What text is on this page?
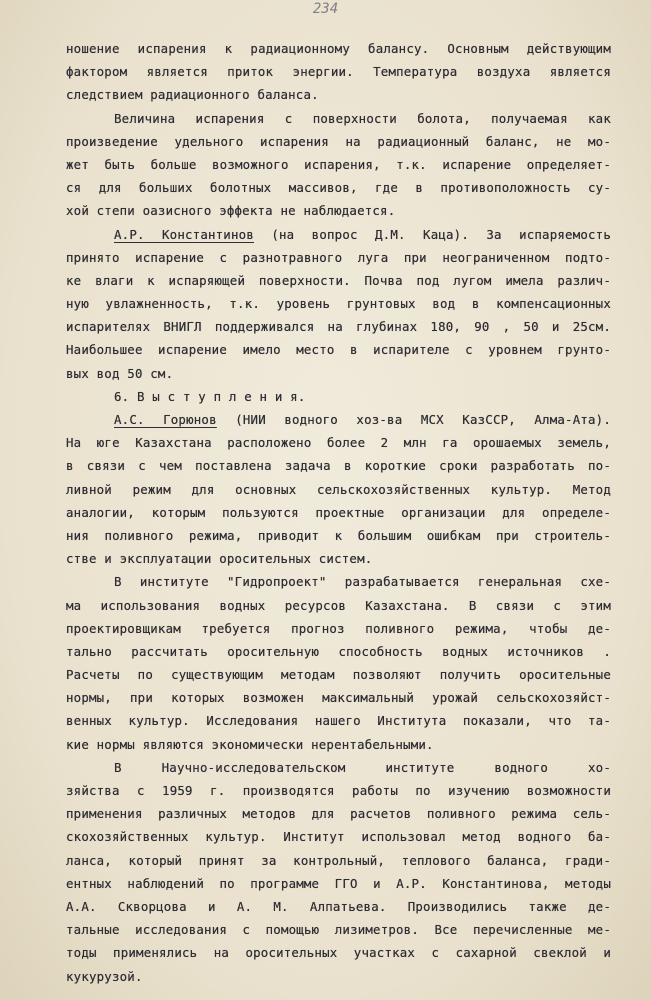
234
ношение испарения к радиационному балансу. Основным действующим
фактором является приток энергии. Температура воздуха является
следствием радиационного баланса.
Величина испарения с поверхности болота, получаемая как
произведение удельного испарения на радиационный баланс, не мо-
жет быть больше возможного испарения, т.к. испарение определяет-
ся для больших болотных массивов, где в противоположность су-
хой степи оазисного эффекта не наблюдается.
А.Р. Константинов (на вопрос Д.М. Каца). За испаряемость
принято испарение с разнотравного луга при неограниченном подто-
ке влаги к испаряющей поверхности. Почва под лугом имела различ-
ную увлажненность, т.к. уровень грунтовых вод в компенсационных
испарителях ВНИГЛ поддерживался на глубинах 180, 90 , 50 и 25см.
Наибольшее испарение имело место в испарителе с уровнем грунто-
вых вод 50 см.
6. В ы с т у п л е н и я.
А.С. Горюнов (НИИ водного хоз-ва МСХ КазССР, Алма-Ата).
На юге Казахстана расположено более 2 млн га орошаемых земель,
в связи с чем поставлена задача в короткие сроки разработать по-
ливной режим для основных сельскохозяйственных культур. Метод
аналогии, которым пользуются проектные организации для определе-
ния поливного режима, приводит к большим ошибкам при строитель-
стве и эксплуатации оросительных систем.
В институте "Гидропроект" разрабатывается генеральная схе-
ма использования водных ресурсов Казахстана. В связи с этим
проектировщикам требуется прогноз поливного режима, чтобы де-
тально рассчитать оросительную способность водных источников .
Расчеты по существующим методам позволяют получить оросительные
нормы, при которых возможен максимальный урожай сельскохозяйст-
венных культур. Исследования нашего Института показали, что та-
кие нормы являются экономически нерентабельными.
В Научно-исследовательском институте водного хо-
зяйства с 1959 г. производятся работы по изучению возможности
применения различных методов для расчетов поливного режима сель-
скохозяйственных культур. Институт использовал метод водного ба-
ланса, который принят за контрольный, теплового баланса, гради-
ентных наблюдений по программе ГГО и А.Р. Константинова, методы
А.А. Скворцова и А. М. Алпатьева. Производились также де-
тальные исследования с помощью лизиметров. Все перечисленные ме-
тоды применялись на оросительных участках с сахарной свеклой и
кукурузой.
